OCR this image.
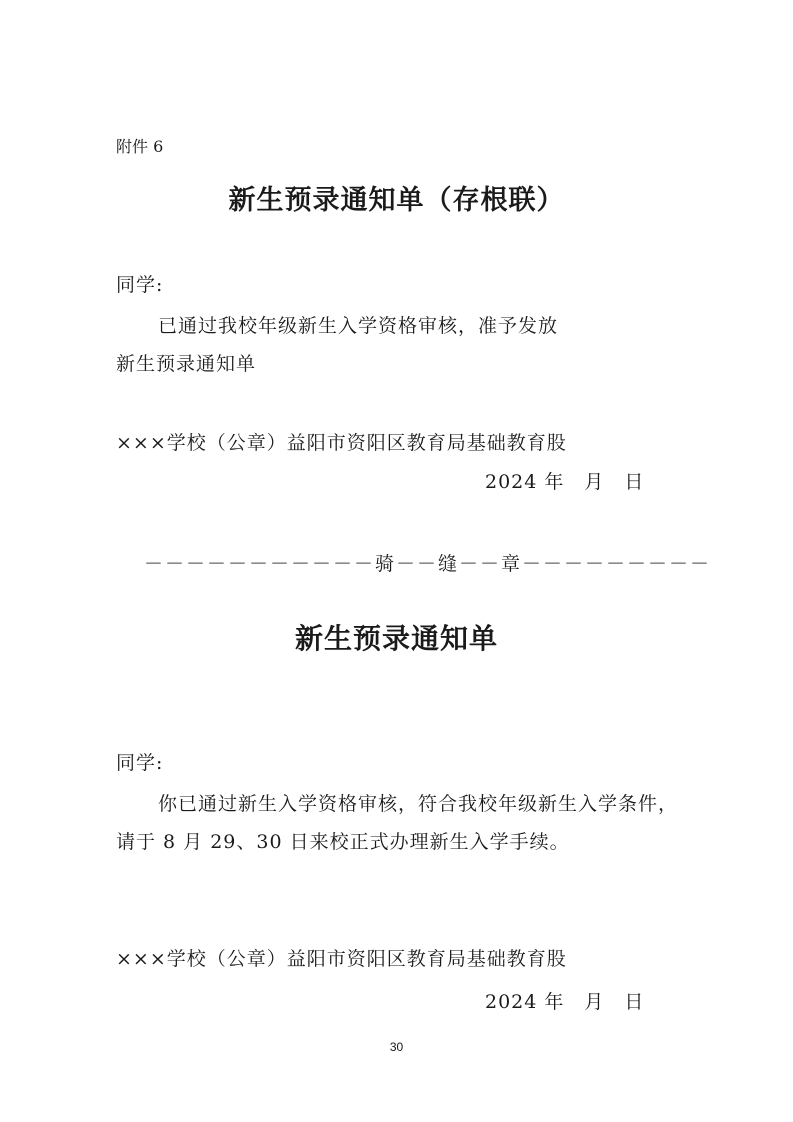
附件 6
新生预录通知单（存根联）
同学:
已通过我校年级新生入学资格审核，准予发放
新生预录通知单
×××学校（公章）益阳市资阳区教育局基础教育股
2024 年　月　日
－－－－－－－－－－－骑－－缝－－章－－－－－－－－－
新生预录通知单
同学:
你已通过新生入学资格审核，符合我校年级新生入学条件，
请于 8 月 29、30 日来校正式办理新生入学手续。
×××学校（公章）益阳市资阳区教育局基础教育股
2024 年　月　日
30
